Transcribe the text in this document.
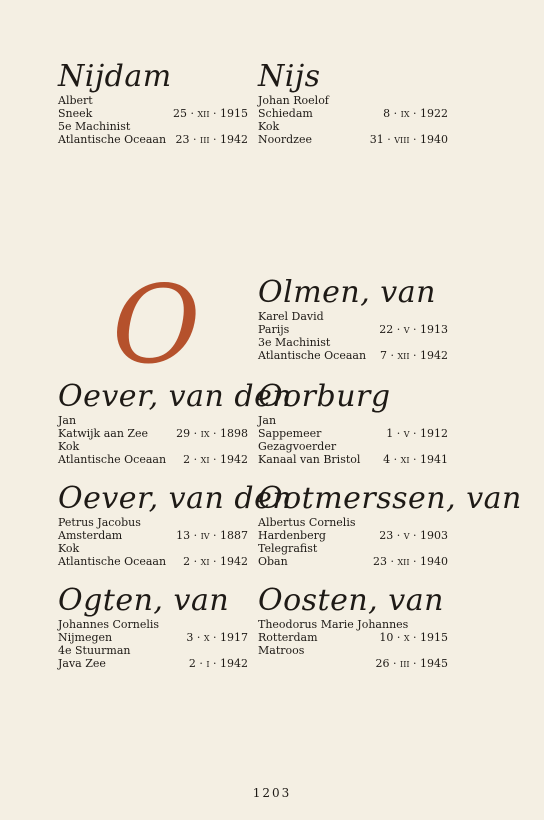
O
Nijdam
Albert
Sneek	25 · xii · 1915
5e Machinist
Atlantische Oceaan 23 · iii · 1942
Nijs
Johan Roelof
Schiedam	8 · ix · 1922
Kok
Noordzee	31 · viii · 1940
Olmen, van
Karel David
Parijs	22 · v · 1913
3e Machinist
Atlantische Oceaan 7 · xii · 1942
Oever, van den
Jan
Katwijk aan Zee	29 · ix · 1898
Kok
Atlantische Oceaan 2 · xi · 1942
Oorburg
Jan
Sappemeer	1 · v · 1912
Gezagvoerder
Kanaal van Bristol 4 · xi · 1941
Oever, van den
Petrus Jacobus
Amsterdam	13 · iv · 1887
Kok
Atlantische Oceaan 2 · xi · 1942
Ootmerssen, van
Albertus Cornelis
Hardenberg	23 · v · 1903
Telegrafist
Oban	23 · xii · 1940
Ogten, van
Johannes Cornelis
Nijmegen	3 · x · 1917
4e Stuurman
Java Zee	2 · i · 1942
Oosten, van
Theodorus Marie Johannes
Rotterdam	10 · x · 1915
Matroos
26 · iii · 1945
1203
